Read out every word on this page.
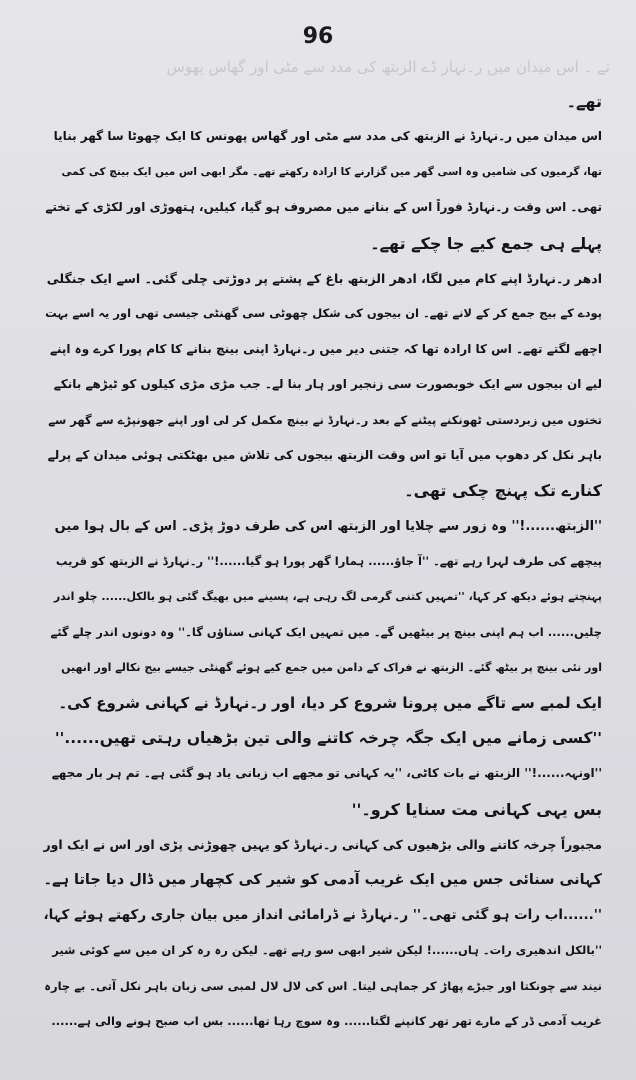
تے ۔ اس میدان میں ر۔نہار ڈے الزبتھ کی مدد سے مٹی اور گھاس پھوس
96
تھے۔
اس میدان میں ر۔نہارڈ نے الزبتھ کی مدد سے مٹی اور گھاس پھونس کا ایک چھوٹا سا گھر بنایا
تھا، گرمیوں کی شامیں وہ اسی گھر میں گزارنے کا ارادہ رکھتے تھے۔ مگر ابھی اس میں ایک بینچ کی کمی
تھی۔ اس وقت ر۔نہارڈ فوراً اس کے بنانے میں مصروف ہو گیا، کیلیں، ہتھوڑی اور لکڑی کے تختے
پہلے ہی جمع کیے جا چکے تھے۔
ادھر ر۔نہارڈ اپنے کام میں لگا، ادھر الزبتھ باغ کے پشتے پر دوڑتی چلی گئی۔ اسے ایک جنگلی
پودے کے بیج جمع کر کے لانے تھے۔ ان بیجوں کی شکل چھوٹی سی گھنٹی جیسی تھی اور یہ اسے بہت
اچھے لگتے تھے۔ اس کا ارادہ تھا کہ جتنی دیر میں ر۔نہارڈ اپنی بینچ بنانے کا کام پورا کرے وہ اپنے
لیے ان بیجوں سے ایک خوبصورت سی زنجیر اور ہار بنا لے۔ جب مڑی مڑی کیلوں کو ٹیڑھے بانکے
تختوں میں زبردستی ٹھونکنے پیٹنے کے بعد ر۔نہارڈ نے بینچ مکمل کر لی اور اپنے جھونپڑے سے گھر سے
باہر نکل کر دھوپ میں آیا تو اس وقت الزبتھ بیجوں کی تلاش میں بھٹکتی ہوئی میدان کے پرلے
کنارے تک پہنچ چکی تھی۔
''الزبتھ......!'' وہ زور سے چلایا اور الزبتھ اس کی طرف دوڑ پڑی۔ اس کے بال ہوا میں
پیچھے کی طرف لہرا رہے تھے۔ ''آ جاؤ...... ہمارا گھر پورا ہو گیا......!'' ر۔نہارڈ نے الزبتھ کو قریب
پہنچتے ہوئے دیکھ کر کہا، ''تمہیں کتنی گرمی لگ رہی ہے، پسینے میں بھیگ گئی ہو بالکل...... چلو اندر
چلیں...... اب ہم اپنی بینچ پر بیٹھیں گے۔ میں تمہیں ایک کہانی سناؤں گا۔'' وہ دونوں اندر چلے گئے
اور نئی بینچ پر بیٹھ گئے۔ الزبتھ نے فراک کے دامن میں جمع کیے ہوئے گھنٹی جیسے بیج نکالے اور انھیں
ایک لمبے سے تاگے میں پرونا شروع کر دیا، اور ر۔نہارڈ نے کہانی شروع کی۔
''کسی زمانے میں ایک جگہ چرخہ کاتنے والی تین بڑھیاں رہتی تھیں......''
''اونہہ......!'' الزبتھ نے بات کاٹی، ''یہ کہانی تو مجھے اب زبانی یاد ہو گئی ہے۔ تم ہر بار مجھے
بس یہی کہانی مت سنایا کرو۔''
مجبوراً چرخہ کاتنے والی بڑھیوں کی کہانی ر۔نہارڈ کو یہیں چھوڑنی پڑی اور اس نے ایک اور
کہانی سنائی جس میں ایک غریب آدمی کو شیر کی کچھار میں ڈال دیا جاتا ہے۔
''......اب رات ہو گئی تھی۔'' ر۔نہارڈ نے ڈرامائی انداز میں بیان جاری رکھتے ہوئے کہا،
''بالکل اندھیری رات۔ ہاں......! لیکن شیر ابھی سو رہے تھے۔ لیکن رہ رہ کر ان میں سے کوئی شیر
نیند سے چونکتا اور جبڑے پھاڑ کر جماہی لیتا۔ اس کی لال لال لمبی سی زبان باہر نکل آتی۔ بے چارہ
غریب آدمی ڈر کے مارے تھر تھر کانپنے لگتا...... وہ سوچ رہا تھا...... بس اب صبح ہونے والی ہے......
